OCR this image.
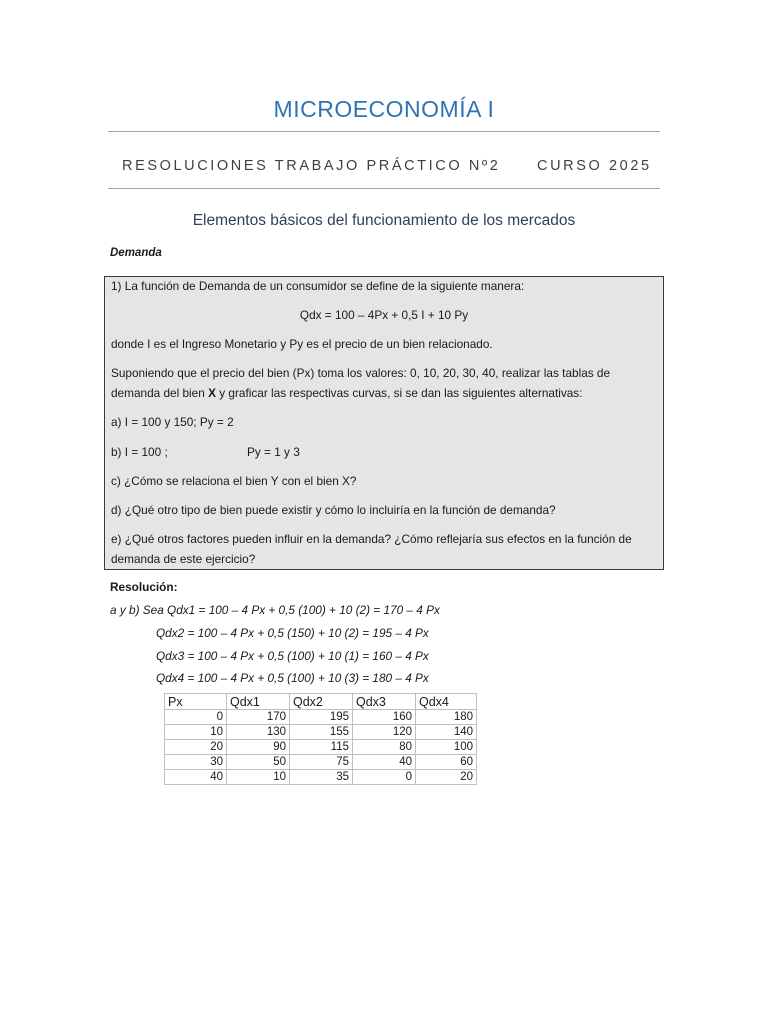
MICROECONOMÍA I
RESOLUCIONES TRABAJO PRÁCTICO Nº2	CURSO 2025
Elementos básicos del funcionamiento de los mercados
Demanda
1) La función de Demanda de un consumidor se define de la siguiente manera:
Qdx = 100 – 4Px + 0,5 I + 10 Py
donde I es el Ingreso Monetario y Py es el precio de un bien relacionado.
Suponiendo que el precio del bien (Px) toma los valores: 0, 10, 20, 30, 40, realizar las tablas de
demanda del bien X y graficar las respectivas curvas, si se dan las siguientes alternativas:
a) I = 100 y 150; Py = 2
b) I = 100 ;	Py = 1 y 3
c) ¿Cómo se relaciona el bien Y con el bien X?
d) ¿Qué otro tipo de bien puede existir y cómo lo incluiría en la función de demanda?
e) ¿Qué otros factores pueden influir en la demanda? ¿Cómo reflejaría sus efectos en la función de
demanda de este ejercicio?
Resolución:
a y b) Sea Qdx1 = 100 – 4 Px + 0,5 (100) + 10 (2) = 170 – 4 Px
Qdx2 = 100 – 4 Px + 0,5 (150) + 10 (2) = 195 – 4 Px
Qdx3 = 100 – 4 Px + 0,5 (100) + 10 (1) = 160 – 4 Px
Qdx4 = 100 – 4 Px + 0,5 (100) + 10 (3) = 180 – 4 Px
Px	Qdx1	Qdx2	Qdx3	Qdx4
0	170	195	160	180
10	130	155	120	140
20	90	115	80	100
30	50	75	40	60
40	10	35	0	20
